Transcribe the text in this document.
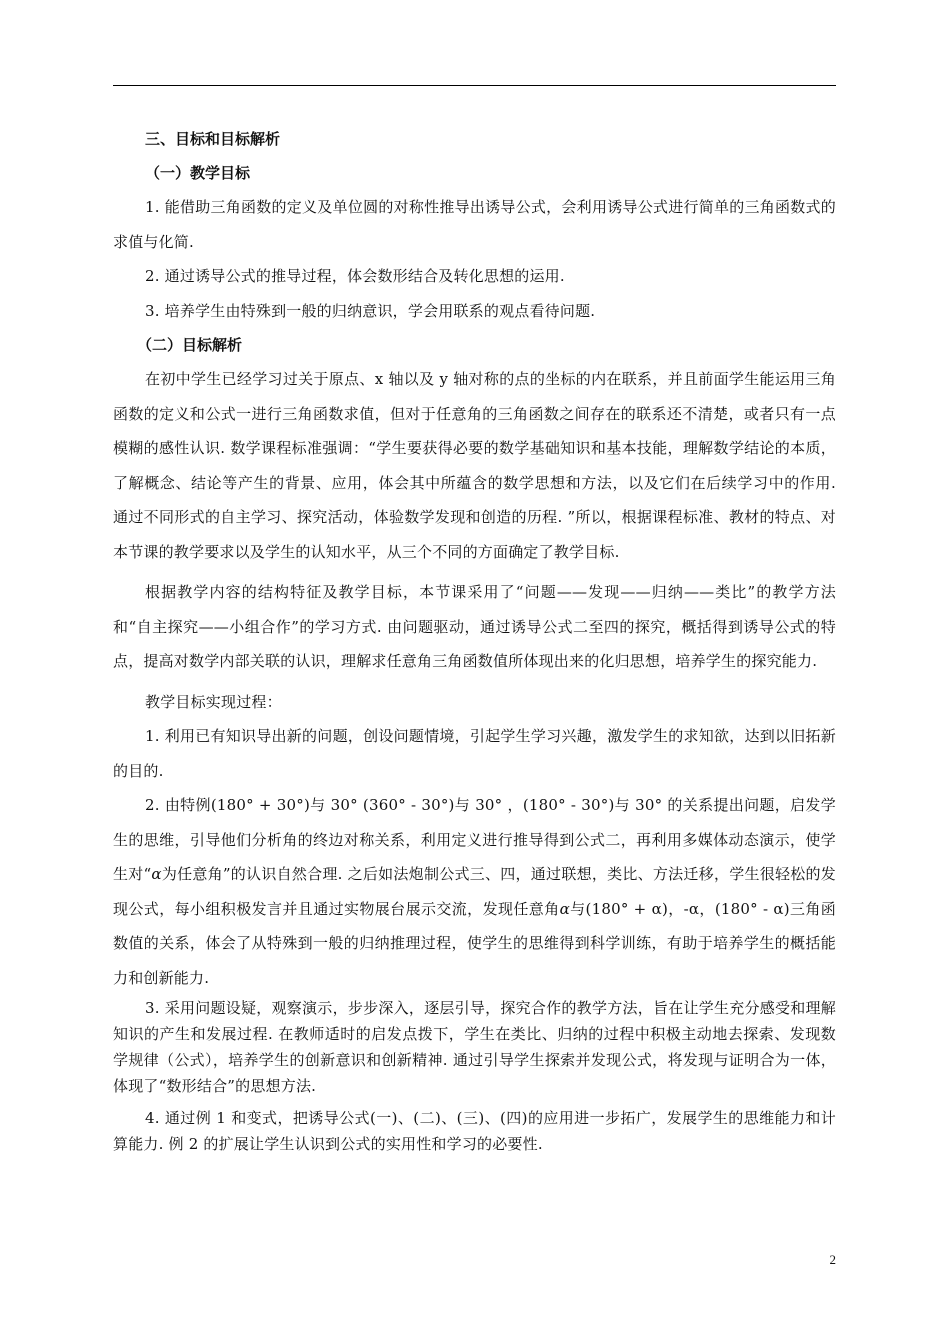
三、目标和目标解析
（一）教学目标

1. 能借助三角函数的定义及单位圆的对称性推导出诱导公式，会利用诱导公式进行简单的三角函数式的求值与化简.

2. 通过诱导公式的推导过程，体会数形结合及转化思想的运用.

3. 培养学生由特殊到一般的归纳意识，学会用联系的观点看待问题.

（二）目标解析

在初中学生已经学习过关于原点、x 轴以及 y 轴对称的点的坐标的内在联系，并且前面学生能运用三角函数的定义和公式一进行三角函数求值，但对于任意角的三角函数之间存在的联系还不清楚，或者只有一点模糊的感性认识. 数学课程标准强调：“学生要获得必要的数学基础知识和基本技能，理解数学结论的本质，了解概念、结论等产生的背景、应用，体会其中所蕴含的数学思想和方法，以及它们在后续学习中的作用. 通过不同形式的自主学习、探究活动，体验数学发现和创造的历程. ”所以，根据课程标准、教材的特点、对本节课的教学要求以及学生的认知水平，从三个不同的方面确定了教学目标.

根据教学内容的结构特征及教学目标，本节课采用了“问题——发现——归纳——类比”的教学方法和“自主探究——小组合作”的学习方式. 由问题驱动，通过诱导公式二至四的探究，概括得到诱导公式的特点，提高对数学内部关联的认识，理解求任意角三角函数值所体现出来的化归思想，培养学生的探究能力.

教学目标实现过程：

1. 利用已有知识导出新的问题，创设问题情境，引起学生学习兴趣，激发学生的求知欲，达到以旧拓新的目的.

2. 由特例(180° + 30°)与 30° (360° - 30°)与 30° ，(180° - 30°)与 30° 的关系提出问题，启发学生的思维，引导他们分析角的终边对称关系，利用定义进行推导得到公式二，再利用多媒体动态演示，使学生对“α为任意角”的认识自然合理. 之后如法炮制公式三、四，通过联想，类比、方法迁移，学生很轻松的发现公式，每小组积极发言并且通过实物展台展示交流，发现任意角α与(180° + α)，-α，(180° - α)三角函数值的关系，体会了从特殊到一般的归纳推理过程，使学生的思维得到科学训练，有助于培养学生的概括能力和创新能力.

3. 采用问题设疑，观察演示，步步深入，逐层引导，探究合作的教学方法，旨在让学生充分感受和理解知识的产生和发展过程. 在教师适时的启发点拨下，学生在类比、归纳的过程中积极主动地去探索、发现数学规律（公式），培养学生的创新意识和创新精神. 通过引导学生探索并发现公式，将发现与证明合为一体，体现了“数形结合”的思想方法.

4. 通过例 1 和变式，把诱导公式(一)、(二)、(三)、(四)的应用进一步拓广，发展学生的思维能力和计算能力. 例 2 的扩展让学生认识到公式的实用性和学习的必要性.

2
